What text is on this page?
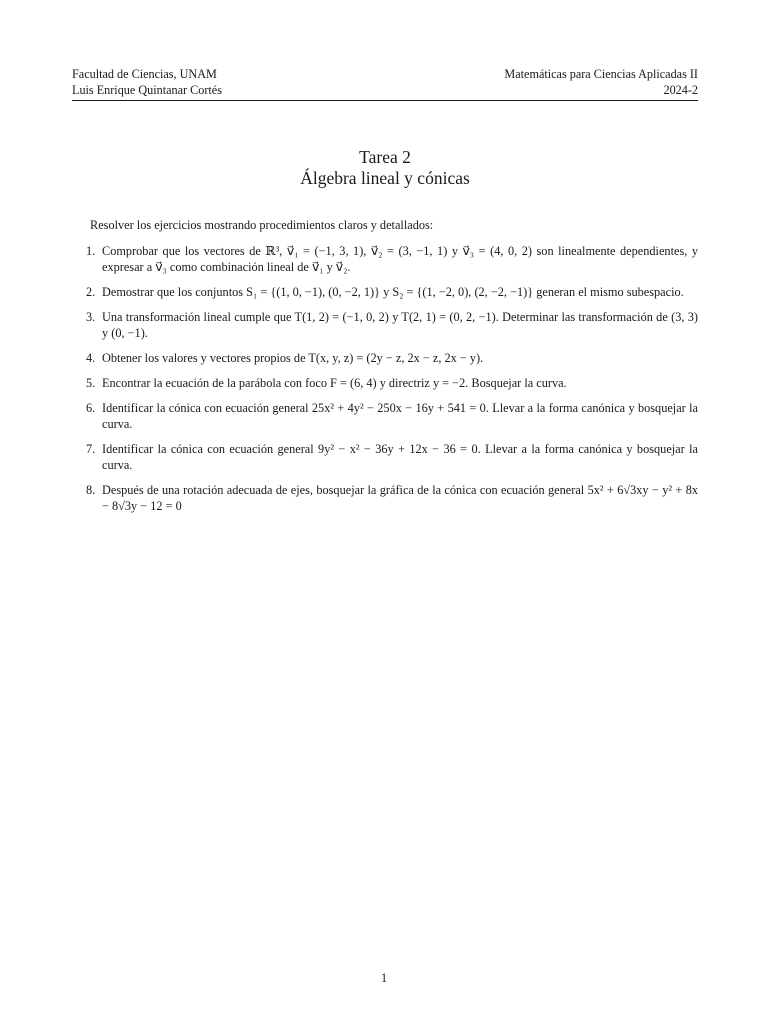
Facultad de Ciencias, UNAM	Matemáticas para Ciencias Aplicadas II
Luis Enrique Quintanar Cortés	2024-2
Tarea 2
Álgebra lineal y cónicas

Resolver los ejercicios mostrando procedimientos claros y detallados:

1. Comprobar que los vectores de ℝ³, v⃗₁ = (−1, 3, 1), v⃗₂ = (3, −1, 1) y v⃗₃ = (4, 0, 2) son linealmente dependientes, y expresar a v⃗₃ como combinación lineal de v⃗₁ y v⃗₂.
2. Demostrar que los conjuntos S₁ = {(1, 0, −1), (0, −2, 1)} y S₂ = {(1, −2, 0), (2, −2, −1)} generan el mismo subespacio.
3. Una transformación lineal cumple que T(1, 2) = (−1, 0, 2) y T(2, 1) = (0, 2, −1). Determinar las transformación de (3, 3) y (0, −1).
4. Obtener los valores y vectores propios de T(x, y, z) = (2y − z, 2x − z, 2x − y).
5. Encontrar la ecuación de la parábola con foco F = (6, 4) y directriz y = −2. Bosquejar la curva.
6. Identificar la cónica con ecuación general 25x² + 4y² − 250x − 16y + 541 = 0. Llevar a la forma canónica y bosquejar la curva.
7. Identificar la cónica con ecuación general 9y² − x² − 36y + 12x − 36 = 0. Llevar a la forma canónica y bosquejar la curva.
8. Después de una rotación adecuada de ejes, bosquejar la gráfica de la cónica con ecuación general 5x² + 6√3xy − y² + 8x − 8√3y − 12 = 0
1
